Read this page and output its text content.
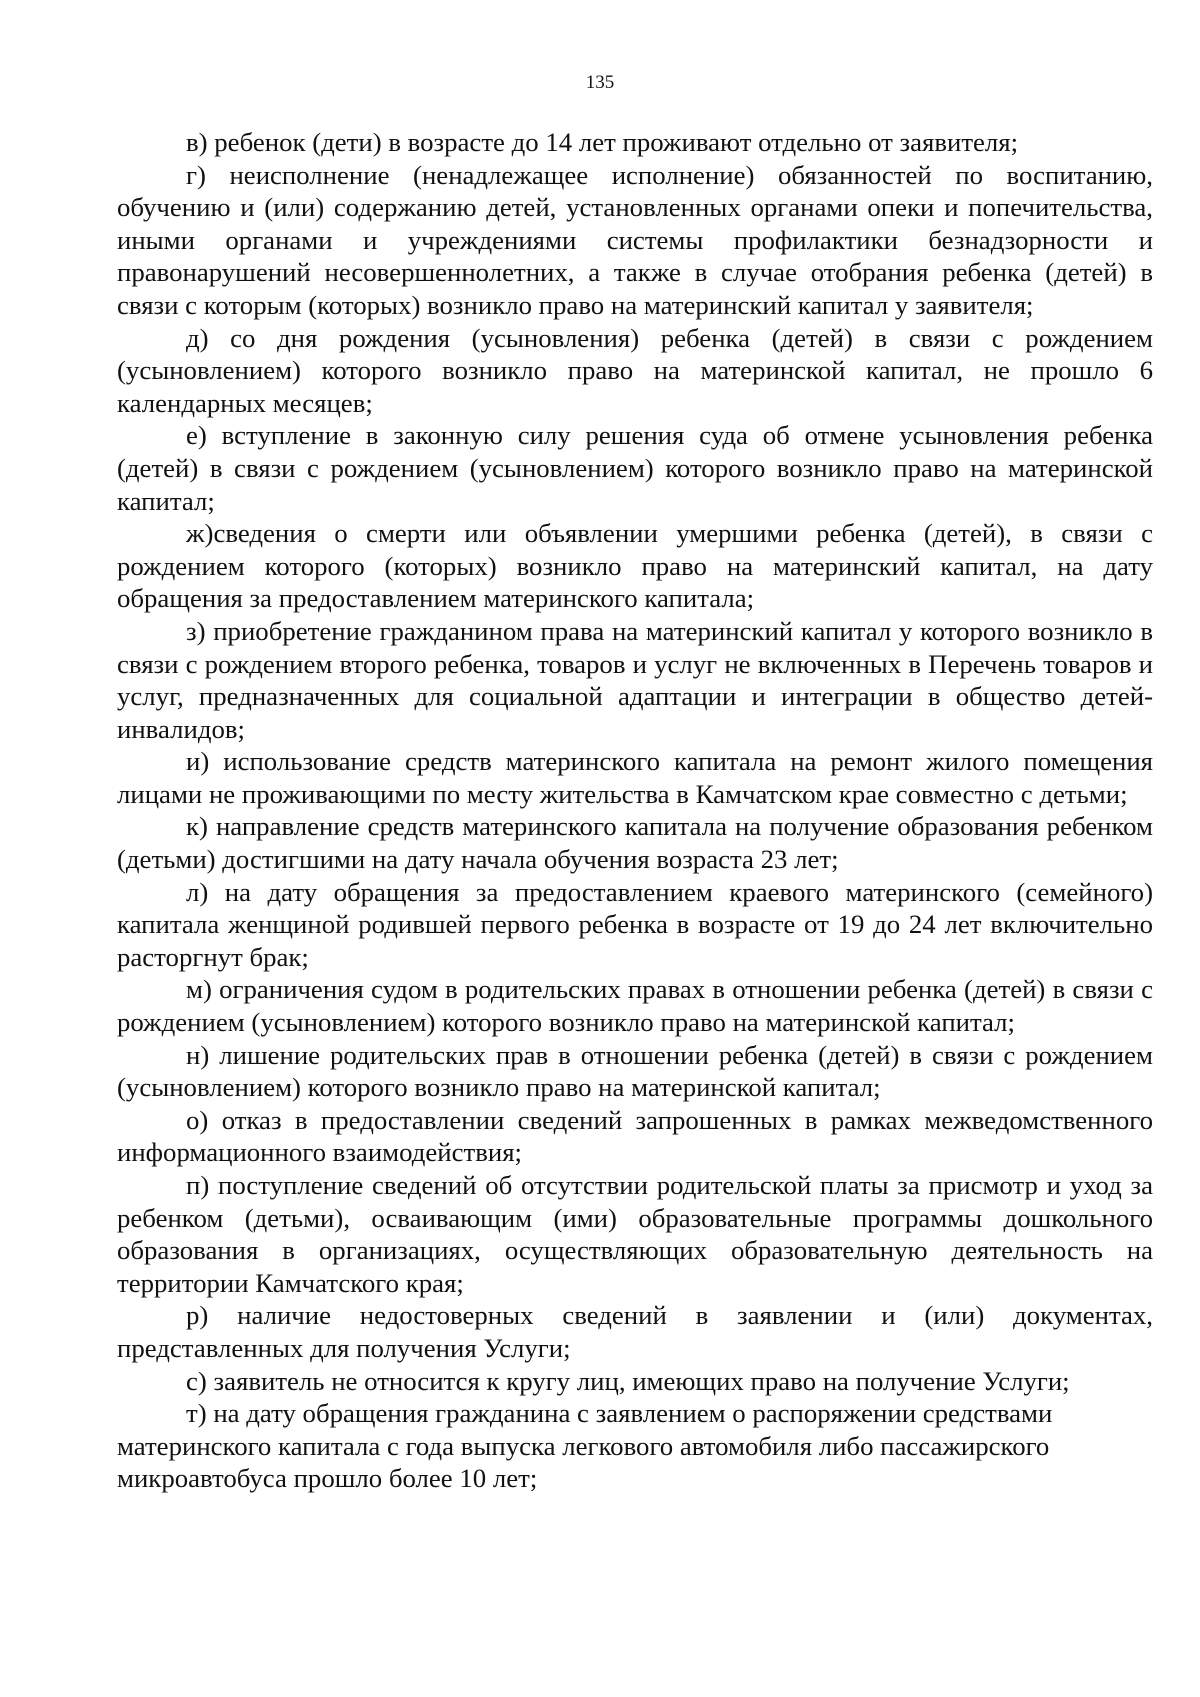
135

в) ребенок (дети) в возрасте до 14 лет проживают отдельно от заявителя;

г) неисполнение (ненадлежащее исполнение) обязанностей по воспитанию, обучению и (или) содержанию детей, установленных органами опеки и попечительства, иными органами и учреждениями системы профилактики безнадзорности и правонарушений несовершеннолетних, а также в случае отобрания ребенка (детей) в связи с которым (которых) возникло право на материнский капитал у заявителя;

д) со дня рождения (усыновления) ребенка (детей) в связи с рождением (усыновлением) которого возникло право на материнской капитал, не прошло 6 календарных месяцев;

е) вступление в законную силу решения суда об отмене усыновления ребенка (детей) в связи с рождением (усыновлением) которого возникло право на материнской капитал;

ж)сведения о смерти или объявлении умершими ребенка (детей), в связи с рождением которого (которых) возникло право на материнский капитал, на дату обращения за предоставлением материнского капитала;

з) приобретение гражданином права на материнский капитал у которого возникло в связи с рождением второго ребенка, товаров и услуг не включенных в Перечень товаров и услуг, предназначенных для социальной адаптации и интеграции в общество детей-инвалидов;

и) использование средств материнского капитала на ремонт жилого помещения лицами не проживающими по месту жительства в Камчатском крае совместно с детьми;

к) направление средств материнского капитала на получение образования ребенком (детьми) достигшими на дату начала обучения возраста 23 лет;

л) на дату обращения за предоставлением краевого материнского (семейного) капитала женщиной родившей первого ребенка в возрасте от 19 до 24 лет включительно расторгнут брак;

м) ограничения судом в родительских правах в отношении ребенка (детей) в связи с рождением (усыновлением) которого возникло право на материнской капитал;

н) лишение родительских прав в отношении ребенка (детей) в связи с рождением (усыновлением) которого возникло право на материнской капитал;

о) отказ в предоставлении сведений запрошенных в рамках межведомственного информационного взаимодействия;

п) поступление сведений об отсутствии родительской платы за присмотр и уход за ребенком (детьми), осваивающим (ими) образовательные программы дошкольного образования в организациях, осуществляющих образовательную деятельность на территории Камчатского края;

р) наличие недостоверных сведений в заявлении и (или) документах, представленных для получения Услуги;

с) заявитель не относится к кругу лиц, имеющих право на получение Услуги;

т) на дату обращения гражданина с заявлением о распоряжении средствами материнского капитала с года выпуска легкового автомобиля либо пассажирского микроавтобуса прошло более 10 лет;
